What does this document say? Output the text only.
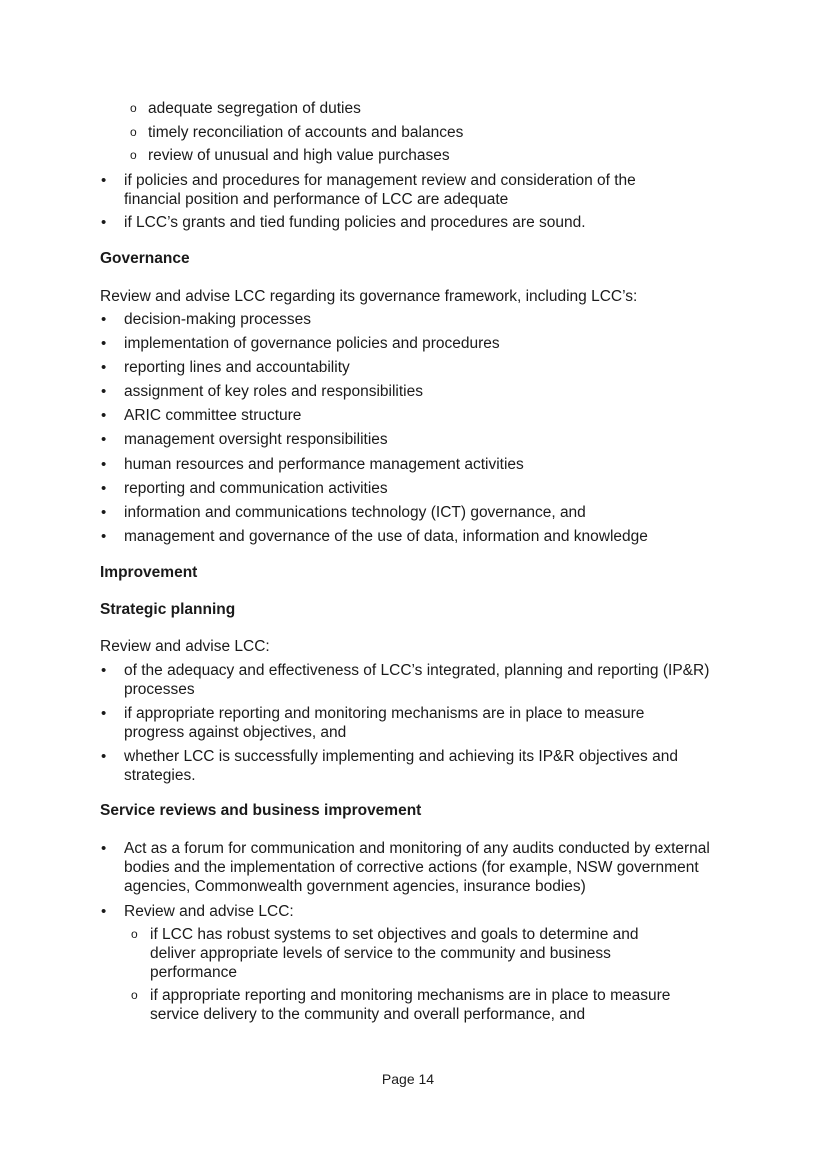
o adequate segregation of duties
o timely reconciliation of accounts and balances
o review of unusual and high value purchases
• if policies and procedures for management review and consideration of the financial position and performance of LCC are adequate
• if LCC’s grants and tied funding policies and procedures are sound.
Governance
Review and advise LCC regarding its governance framework, including LCC’s:
• decision-making processes
• implementation of governance policies and procedures
• reporting lines and accountability
• assignment of key roles and responsibilities
• ARIC committee structure
• management oversight responsibilities
• human resources and performance management activities
• reporting and communication activities
• information and communications technology (ICT) governance, and
• management and governance of the use of data, information and knowledge
Improvement
Strategic planning
Review and advise LCC:
• of the adequacy and effectiveness of LCC’s integrated, planning and reporting (IP&R) processes
• if appropriate reporting and monitoring mechanisms are in place to measure progress against objectives, and
• whether LCC is successfully implementing and achieving its IP&R objectives and strategies.
Service reviews and business improvement
• Act as a forum for communication and monitoring of any audits conducted by external bodies and the implementation of corrective actions (for example, NSW government agencies, Commonwealth government agencies, insurance bodies)
• Review and advise LCC:
o if LCC has robust systems to set objectives and goals to determine and deliver appropriate levels of service to the community and business performance
o if appropriate reporting and monitoring mechanisms are in place to measure service delivery to the community and overall performance, and
Page 14
